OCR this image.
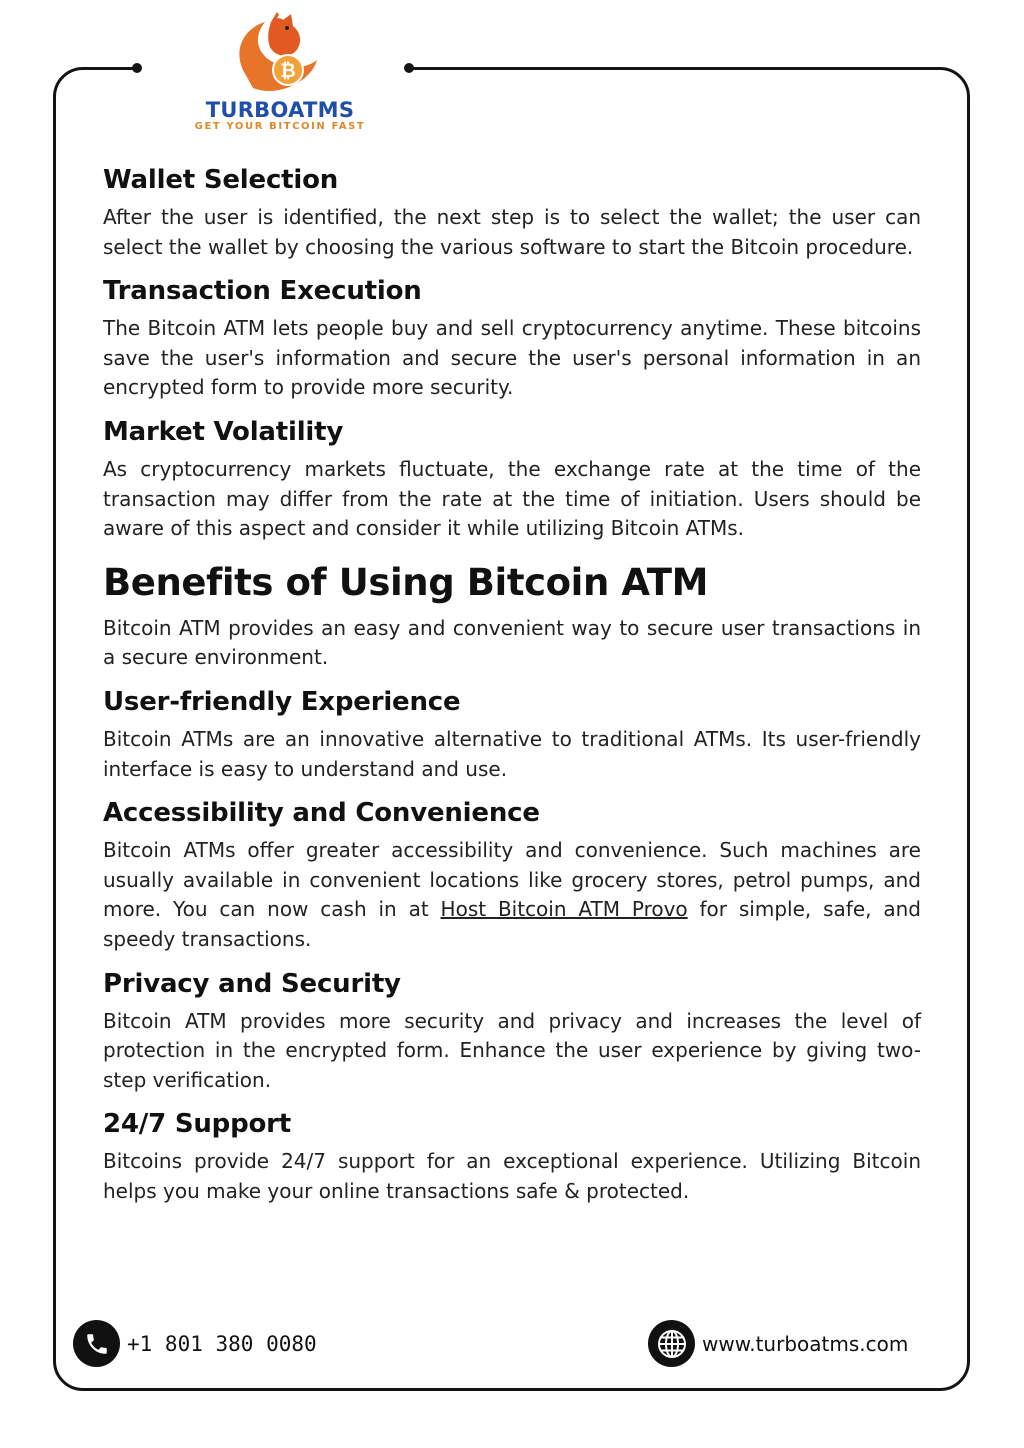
₿
TURBOATMS
GET YOUR BITCOIN FAST
Wallet Selection

After the user is identified, the next step is to select the wallet; the user can select the wallet by choosing the various software to start the Bitcoin procedure.

Transaction Execution

The Bitcoin ATM lets people buy and sell cryptocurrency anytime. These bitcoins save the user's information and secure the user's personal information in an encrypted form to provide more security.

Market Volatility

As cryptocurrency markets fluctuate, the exchange rate at the time of the transaction may differ from the rate at the time of initiation. Users should be aware of this aspect and consider it while utilizing Bitcoin ATMs.

Benefits of Using Bitcoin ATM

Bitcoin ATM provides an easy and convenient way to secure user transactions in a secure environment.

User-friendly Experience

Bitcoin ATMs are an innovative alternative to traditional ATMs. Its user-friendly interface is easy to understand and use.

Accessibility and Convenience

Bitcoin ATMs offer greater accessibility and convenience. Such machines are usually available in convenient locations like grocery stores, petrol pumps, and more. You can now cash in at Host Bitcoin ATM Provo for simple, safe, and speedy transactions.

Privacy and Security

Bitcoin ATM provides more security and privacy and increases the level of protection in the encrypted form. Enhance the user experience by giving two-step verification.

24/7 Support

Bitcoins provide 24/7 support for an exceptional experience. Utilizing Bitcoin helps you make your online transactions safe & protected.

+1 801 380 0080	www.turboatms.com
